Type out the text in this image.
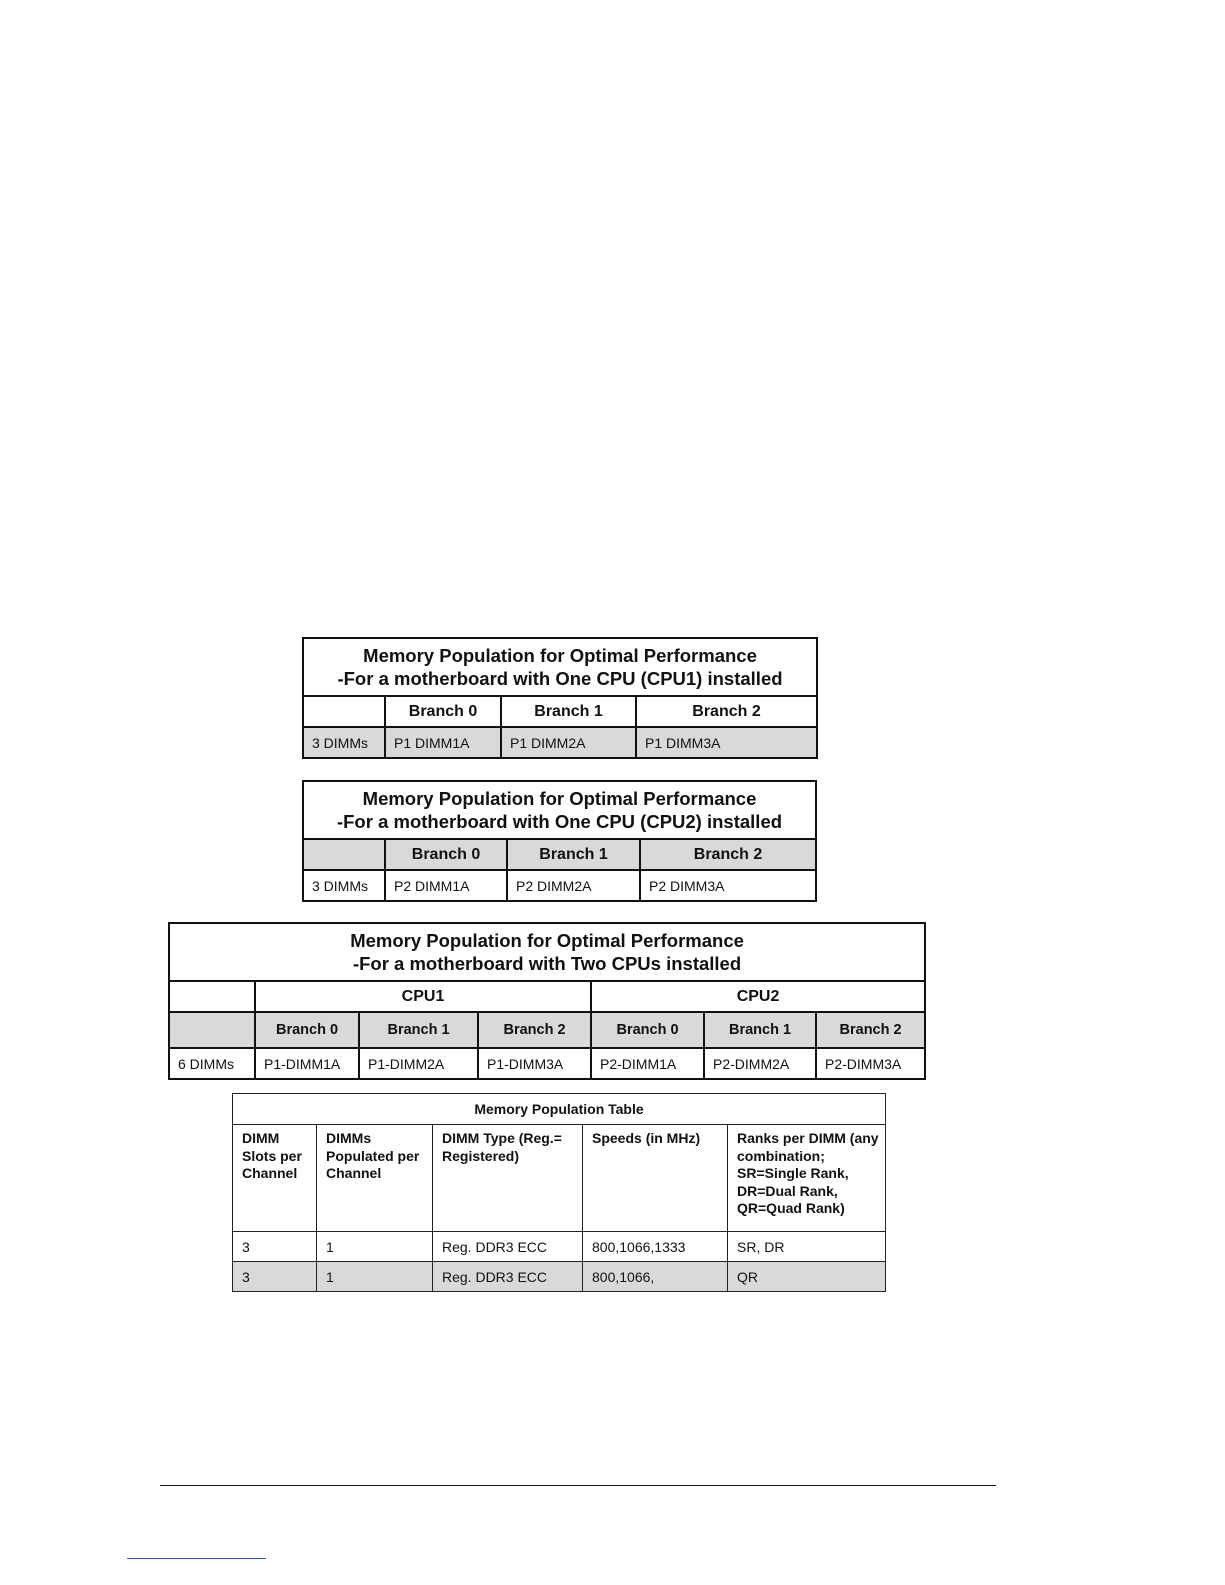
Memory Population for Optimal Performance
-For a motherboard with One CPU (CPU1) installed			

	Branch 0	Branch 1	Branch 2
3 DIMMs	P1 DIMM1A	P1 DIMM2A	P1 DIMM3A
Memory Population for Optimal Performance
-For a motherboard with One CPU (CPU2) installed			

	Branch 0	Branch 1	Branch 2
3 DIMMs	P2 DIMM1A	P2 DIMM2A	P2 DIMM3A
Memory Population for Optimal Performance
-For a motherboard with Two CPUs installed						

	CPU1			CPU2		
	Branch 0	Branch 1	Branch 2	Branch 0	Branch 1	Branch 2
6 DIMMs	P1-DIMM1A	P1-DIMM2A	P1-DIMM3A	P2-DIMM1A	P2-DIMM2A	P2-DIMM3A
Memory Population Table				
DIMM Slots per Channel	DIMMs Populated per Channel	DIMM Type (Reg.= Registered)	Speeds (in MHz)	Ranks per DIMM (any combination; SR=Single Rank, DR=Dual Rank, QR=Quad Rank)
3	1	Reg. DDR3 ECC	800,1066,1333	SR, DR
3	1	Reg. DDR3 ECC	800,1066,	QR
